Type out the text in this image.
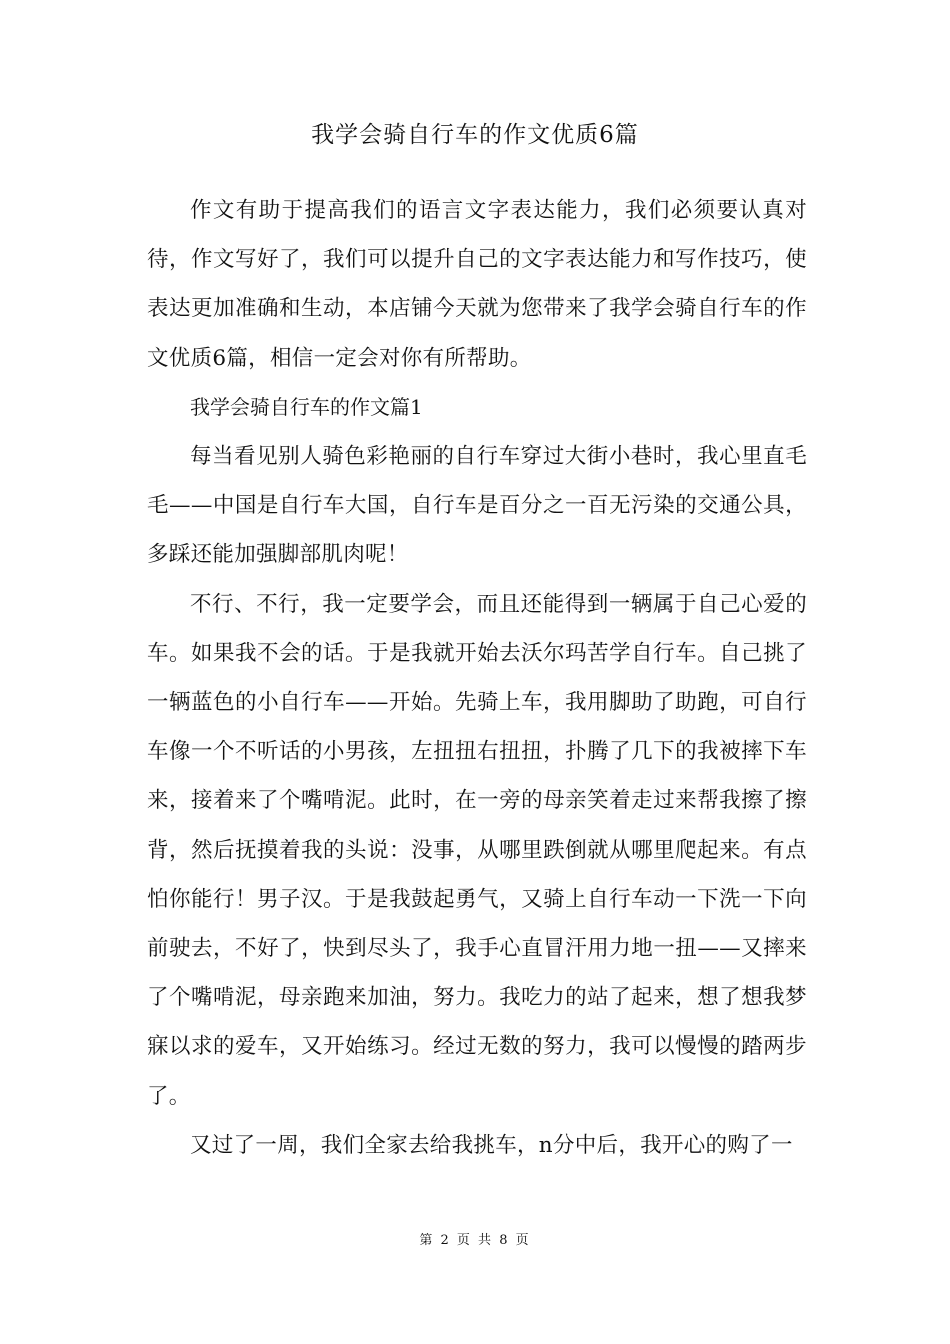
我学会骑自行车的作文优质6篇

作文有助于提高我们的语言文字表达能力，我们必须要认真对待，作文写好了，我们可以提升自己的文字表达能力和写作技巧，使表达更加准确和生动，本店铺今天就为您带来了我学会骑自行车的作文优质6篇，相信一定会对你有所帮助。

我学会骑自行车的作文篇1

每当看见别人骑色彩艳丽的自行车穿过大街小巷时，我心里直毛毛——中国是自行车大国，自行车是百分之一百无污染的交通公具，多踩还能加强脚部肌肉呢！

不行、不行，我一定要学会，而且还能得到一辆属于自己心爱的车。如果我不会的话。于是我就开始去沃尔玛苦学自行车。自己挑了一辆蓝色的小自行车——开始。先骑上车，我用脚助了助跑，可自行车像一个不听话的小男孩，左扭扭右扭扭，扑腾了几下的我被摔下车来，接着来了个嘴啃泥。此时，在一旁的母亲笑着走过来帮我擦了擦背，然后抚摸着我的头说：没事，从哪里跌倒就从哪里爬起来。有点怕你能行！男子汉。于是我鼓起勇气，又骑上自行车动一下洗一下向前驶去，不好了，快到尽头了，我手心直冒汗用力地一扭——又摔来了个嘴啃泥，母亲跑来加油，努力。我吃力的站了起来，想了想我梦寐以求的爱车，又开始练习。经过无数的努力，我可以慢慢的踏两步了。

又过了一周，我们全家去给我挑车，n分中后，我开心的购了一

第 2 页 共 8 页
